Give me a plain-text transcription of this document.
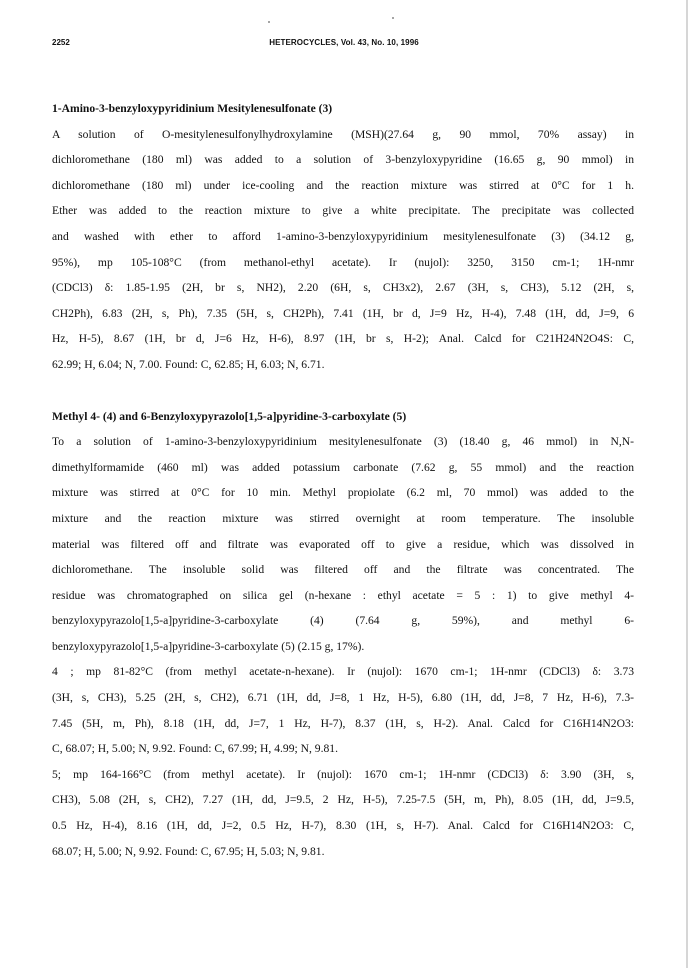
2252	HETEROCYCLES, Vol. 43, No. 10, 1996
1-Amino-3-benzyloxypyridinium Mesitylenesulfonate (3)
A solution of O-mesitylenesulfonylhydroxylamine (MSH)(27.64 g, 90 mmol, 70% assay) in
dichloromethane (180 ml) was added to a solution of 3-benzyloxypyridine (16.65 g, 90 mmol) in
dichloromethane (180 ml) under ice-cooling and the reaction mixture was stirred at 0°C for 1 h.
Ether was added to the reaction mixture to give a white precipitate. The precipitate was collected
and washed with ether to afford 1-amino-3-benzyloxypyridinium mesitylenesulfonate (3) (34.12 g,
95%), mp 105-108°C (from methanol-ethyl acetate). Ir (nujol): 3250, 3150 cm-1; 1H-nmr
(CDCl3) δ: 1.85-1.95 (2H, br s, NH2), 2.20 (6H, s, CH3x2), 2.67 (3H, s, CH3), 5.12 (2H, s,
CH2Ph), 6.83 (2H, s, Ph), 7.35 (5H, s, CH2Ph), 7.41 (1H, br d, J=9 Hz, H-4), 7.48 (1H, dd, J=9, 6
Hz, H-5), 8.67 (1H, br d, J=6 Hz, H-6), 8.97 (1H, br s, H-2); Anal. Calcd for C21H24N2O4S: C,
62.99; H, 6.04; N, 7.00. Found: C, 62.85; H, 6.03; N, 6.71.
Methyl 4- (4) and 6-Benzyloxypyrazolo[1,5-a]pyridine-3-carboxylate (5)
To a solution of 1-amino-3-benzyloxypyridinium mesitylenesulfonate (3) (18.40 g, 46 mmol) in N,N-
dimethylformamide (460 ml) was added potassium carbonate (7.62 g, 55 mmol) and the reaction
mixture was stirred at 0°C for 10 min. Methyl propiolate (6.2 ml, 70 mmol) was added to the
mixture and the reaction mixture was stirred overnight at room temperature. The insoluble
material was filtered off and filtrate was evaporated off to give a residue, which was dissolved in
dichloromethane. The insoluble solid was filtered off and the filtrate was concentrated. The
residue was chromatographed on silica gel (n-hexane : ethyl acetate = 5 : 1) to give methyl 4-
benzyloxypyrazolo[1,5-a]pyridine-3-carboxylate (4) (7.64 g, 59%), and methyl 6-
benzyloxypyrazolo[1,5-a]pyridine-3-carboxylate (5) (2.15 g, 17%).
4 ; mp 81-82°C (from methyl acetate-n-hexane). Ir (nujol): 1670 cm-1; 1H-nmr (CDCl3) δ: 3.73
(3H, s, CH3), 5.25 (2H, s, CH2), 6.71 (1H, dd, J=8, 1 Hz, H-5), 6.80 (1H, dd, J=8, 7 Hz, H-6), 7.3-
7.45 (5H, m, Ph), 8.18 (1H, dd, J=7, 1 Hz, H-7), 8.37 (1H, s, H-2). Anal. Calcd for C16H14N2O3:
C, 68.07; H, 5.00; N, 9.92. Found: C, 67.99; H, 4.99; N, 9.81.
5; mp 164-166°C (from methyl acetate). Ir (nujol): 1670 cm-1; 1H-nmr (CDCl3) δ: 3.90 (3H, s,
CH3), 5.08 (2H, s, CH2), 7.27 (1H, dd, J=9.5, 2 Hz, H-5), 7.25-7.5 (5H, m, Ph), 8.05 (1H, dd, J=9.5,
0.5 Hz, H-4), 8.16 (1H, dd, J=2, 0.5 Hz, H-7), 8.30 (1H, s, H-7). Anal. Calcd for C16H14N2O3: C,
68.07; H, 5.00; N, 9.92. Found: C, 67.95; H, 5.03; N, 9.81.
